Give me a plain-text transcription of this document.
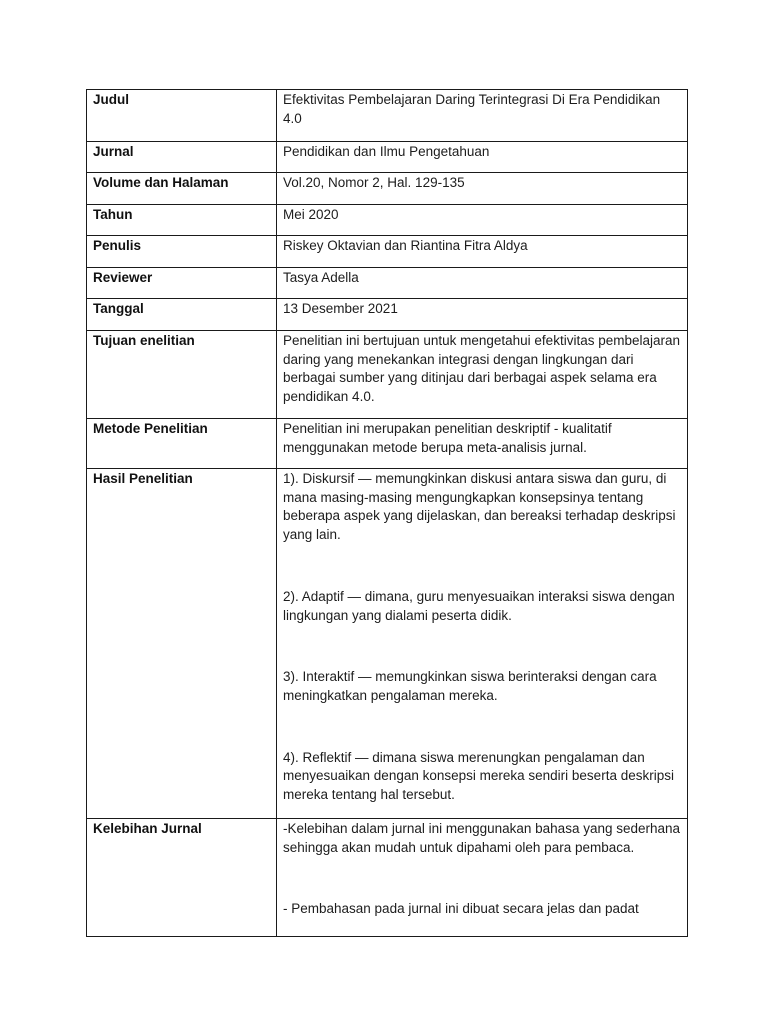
Judul	Efektivitas Pembelajaran Daring Terintegrasi Di Era Pendidikan 4.0

Jurnal	Pendidikan dan Ilmu Pengetahuan

Volume dan Halaman	Vol.20, Nomor 2, Hal. 129-135

Tahun	Mei 2020

Penulis	Riskey Oktavian dan Riantina Fitra Aldya

Reviewer	Tasya Adella

Tanggal	13 Desember 2021

Tujuan enelitian	Penelitian ini bertujuan untuk mengetahui efektivitas pembelajaran daring yang menekankan integrasi dengan lingkungan dari berbagai sumber yang ditinjau dari berbagai aspek selama era pendidikan 4.0.

Metode Penelitian	Penelitian ini merupakan penelitian deskriptif - kualitatif menggunakan metode berupa meta-analisis jurnal.

Hasil Penelitian	1). Diskursif — memungkinkan diskusi antara siswa dan guru, di mana masing-masing mengungkapkan konsepsinya tentang beberapa aspek yang dijelaskan, dan bereaksi terhadap deskripsi yang lain.

2). Adaptif — dimana, guru menyesuaikan interaksi siswa dengan lingkungan yang dialami peserta didik.

3). Interaktif — memungkinkan siswa berinteraksi dengan cara meningkatkan pengalaman mereka.

4). Reflektif — dimana siswa merenungkan pengalaman dan menyesuaikan dengan konsepsi mereka sendiri beserta deskripsi mereka tentang hal tersebut.

Kelebihan Jurnal	-Kelebihan dalam jurnal ini menggunakan bahasa yang sederhana sehingga akan mudah untuk dipahami oleh para pembaca.

- Pembahasan pada jurnal ini dibuat secara jelas dan padat
